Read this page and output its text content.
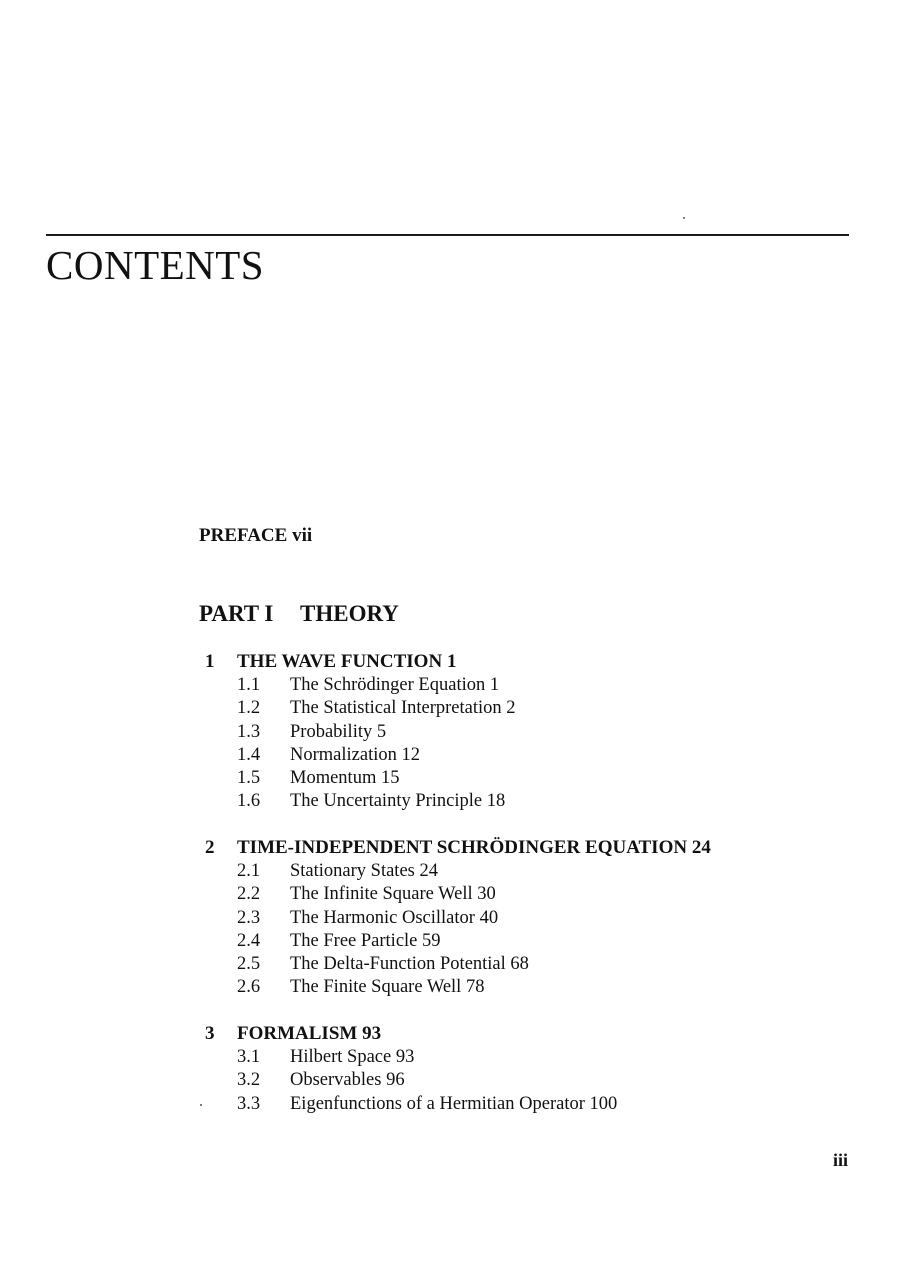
CONTENTS
PREFACE vii
PART I THEORY
1 THE WAVE FUNCTION 1
1.1 The Schrödinger Equation 1
1.2 The Statistical Interpretation 2
1.3 Probability 5
1.4 Normalization 12
1.5 Momentum 15
1.6 The Uncertainty Principle 18
2 TIME-INDEPENDENT SCHRÖDINGER EQUATION 24
2.1 Stationary States 24
2.2 The Infinite Square Well 30
2.3 The Harmonic Oscillator 40
2.4 The Free Particle 59
2.5 The Delta-Function Potential 68
2.6 The Finite Square Well 78
3 FORMALISM 93
3.1 Hilbert Space 93
3.2 Observables 96
3.3 Eigenfunctions of a Hermitian Operator 100
iii
